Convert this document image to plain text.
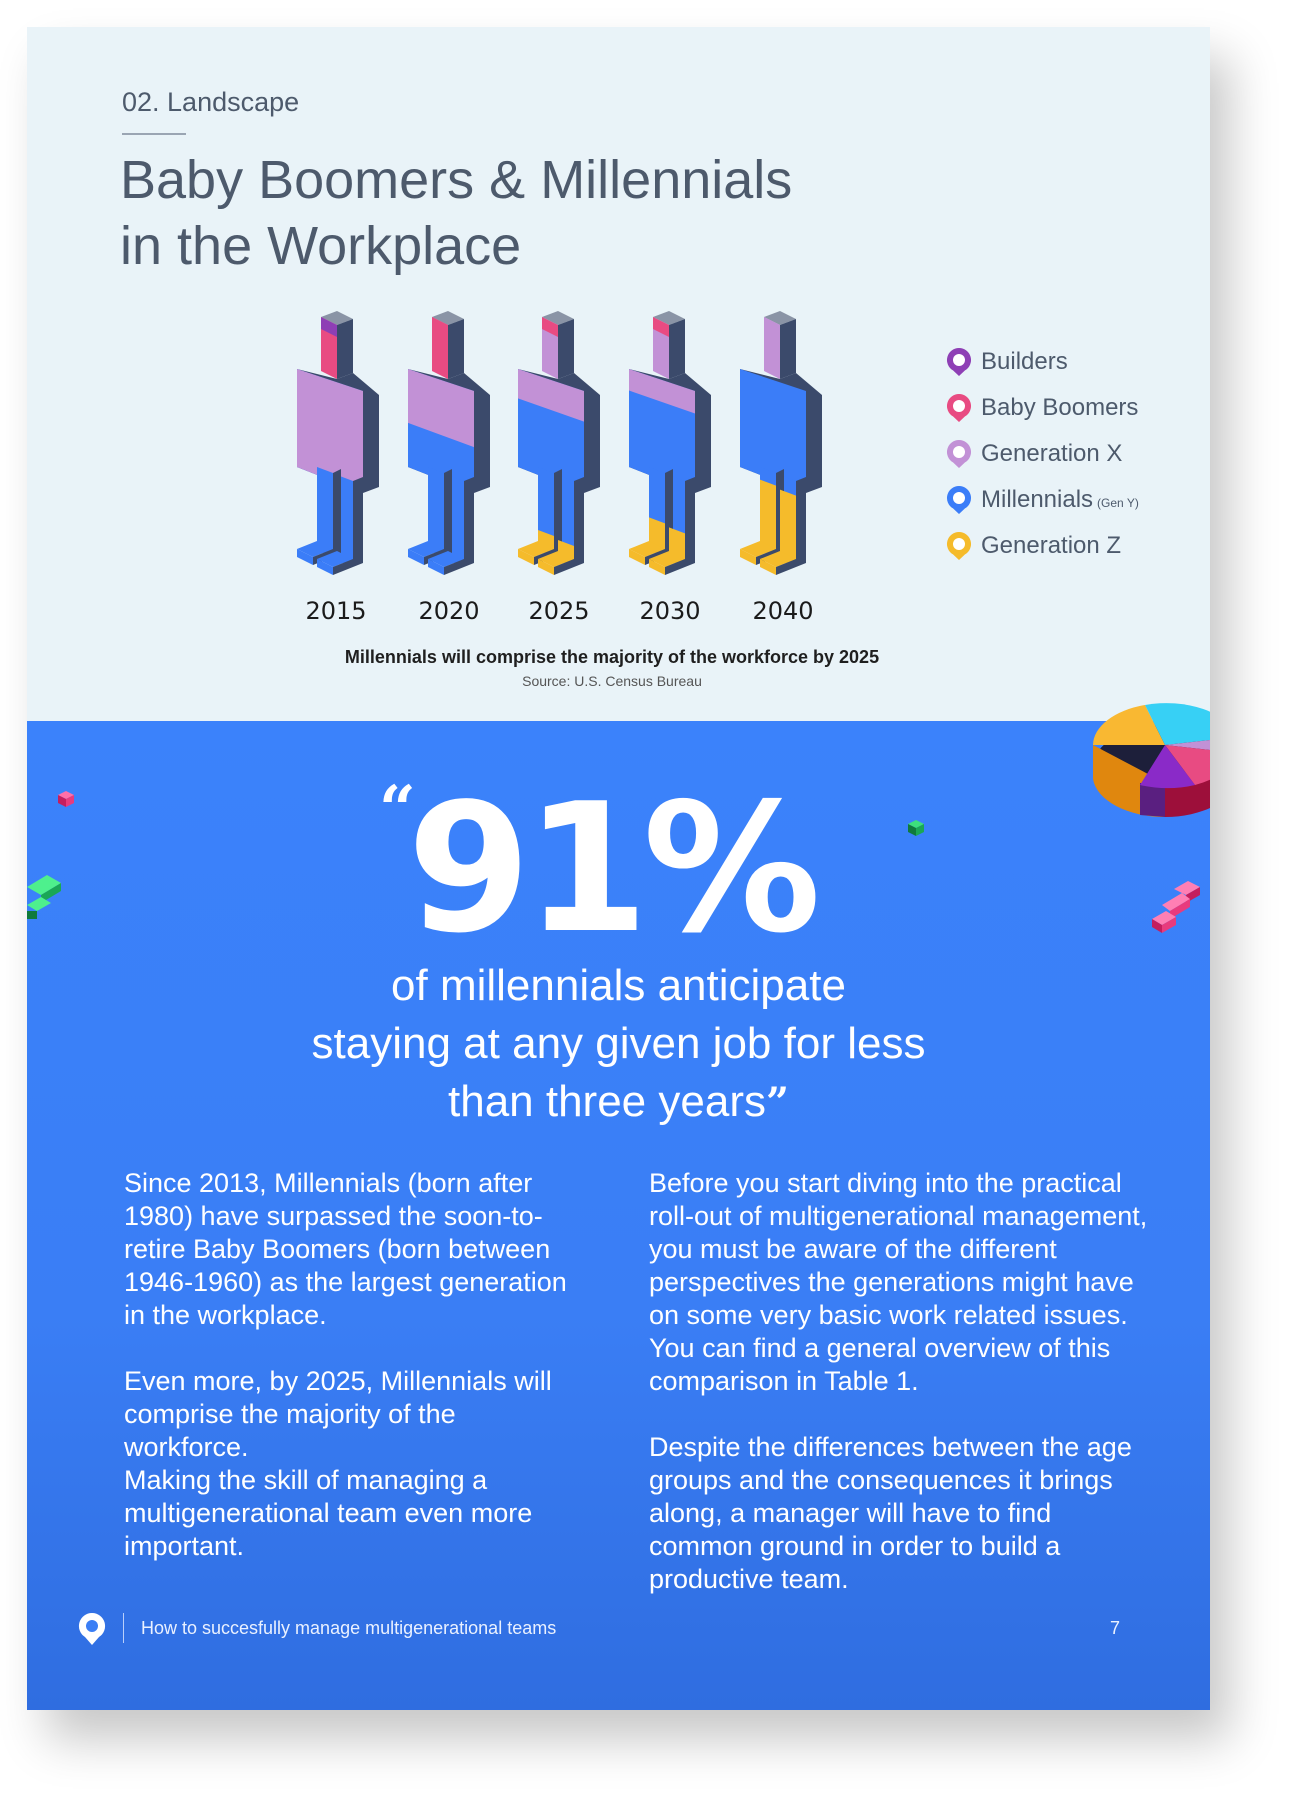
02. Landscape
Baby Boomers & Millennials
in the Workplace
2015	2020	2025	2030	2040
Builders
Baby Boomers
Generation X
Millennials (Gen Y)
Generation Z
Millennials will comprise the majority of the workforce by 2025
Source: U.S. Census Bureau
“
91%
of millennials anticipate
staying at any given job for less
than three years”

Since 2013, Millennials (born after 1980) have surpassed the soon-to-retire Baby Boomers (born between 1946-1960) as the largest generation in the workplace.

Even more, by 2025, Millennials will comprise the majority of the workforce.

Making the skill of managing a multigenerational team even more important.

Before you start diving into the practical roll-out of multigenerational management, you must be aware of the different perspectives the generations might have on some very basic work related issues.

You can find a general overview of this comparison in Table 1.

Despite the differences between the age groups and the consequences it brings along, a manager will have to find common ground in order to build a productive team.

How to succesfully manage multigenerational teams	7
